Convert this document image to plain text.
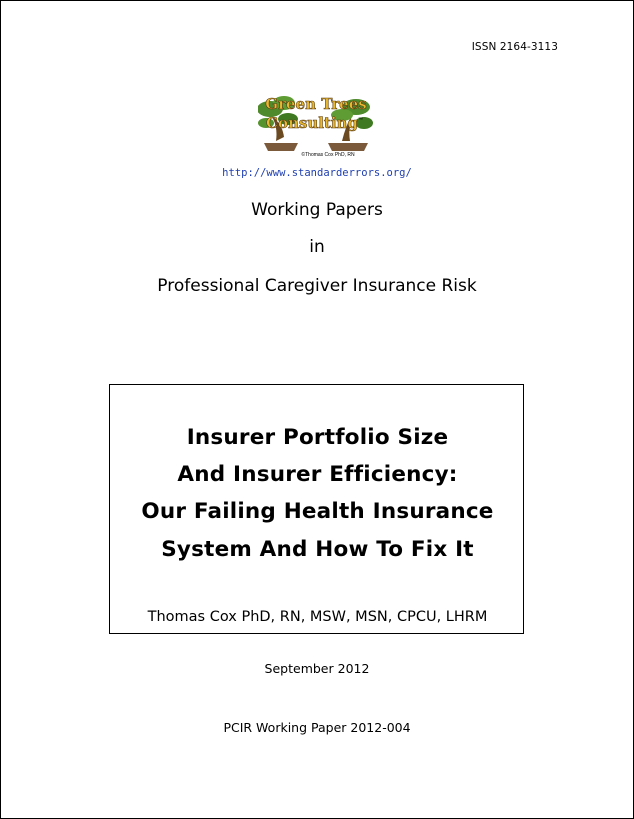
ISSN 2164-3113
Green Trees
Consulting ™
©Thomas Cox PhD, RN
http://www.standarderrors.org/
Working Papers
in
Professional Caregiver Insurance Risk
Insurer Portfolio Size
And Insurer Efficiency:
Our Failing Health Insurance
System And How To Fix It
Thomas Cox PhD, RN, MSW, MSN, CPCU, LHRM
September 2012
PCIR Working Paper 2012-004
